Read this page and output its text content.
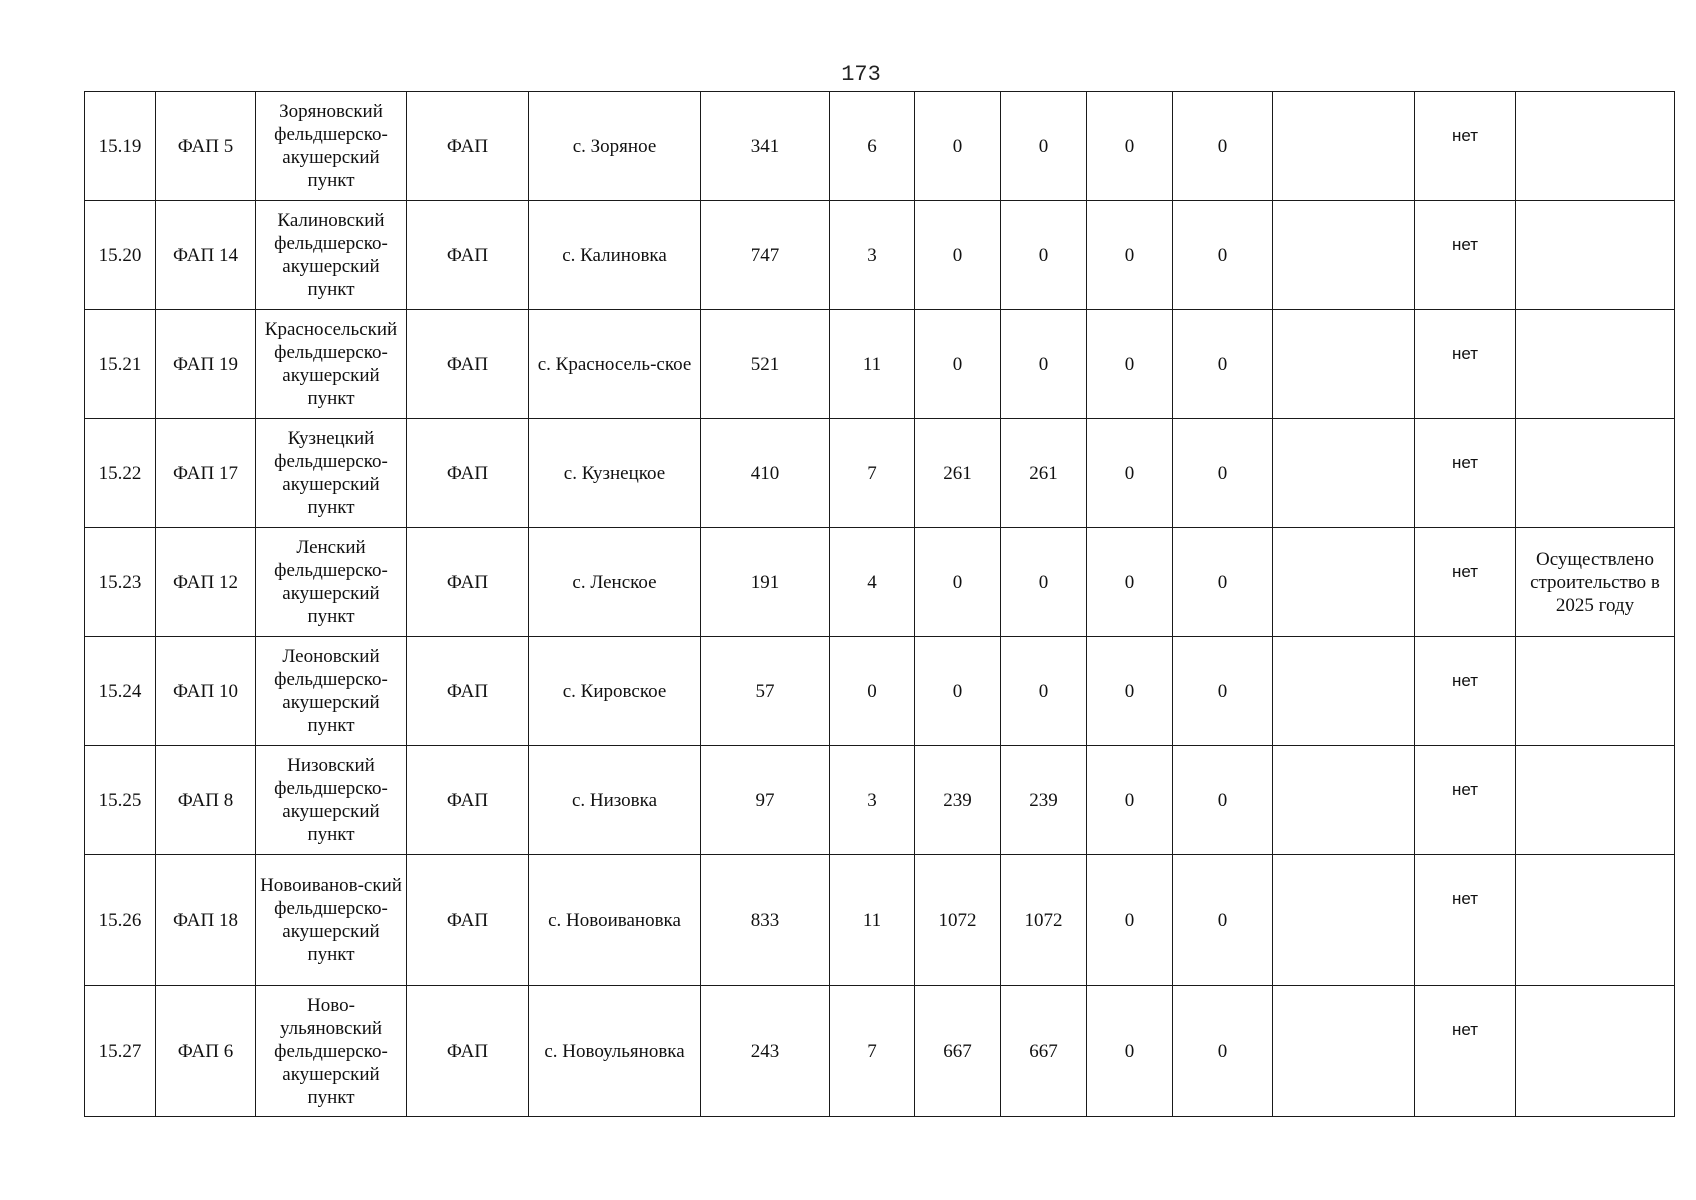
173
15.19	ФАП 5	Зоряновский фельдшерско-акушерский пункт	ФАП	с. Зоряное	341	6	0	0	0	0		нет	
15.20	ФАП 14	Калиновский фельдшерско-акушерский пункт	ФАП	с. Калиновка	747	3	0	0	0	0		нет	
15.21	ФАП 19	Красносельский фельдшерско-акушерский пункт	ФАП	с. Красносель-ское	521	11	0	0	0	0		нет	
15.22	ФАП 17	Кузнецкий фельдшерско-акушерский пункт	ФАП	с. Кузнецкое	410	7	261	261	0	0		нет	
15.23	ФАП 12	Ленский фельдшерско-акушерский пункт	ФАП	с. Ленское	191	4	0	0	0	0		нет	Осуществлено строительство в 2025 году
15.24	ФАП 10	Леоновский фельдшерско-акушерский пункт	ФАП	с. Кировское	57	0	0	0	0	0		нет	
15.25	ФАП 8	Низовский фельдшерско-акушерский пункт	ФАП	с. Низовка	97	3	239	239	0	0		нет	
15.26	ФАП 18	Новоиванов-ский фельдшерско-акушерский пункт	ФАП	с. Новоивановка	833	11	1072	1072	0	0		нет	
15.27	ФАП 6	Ново-ульяновский фельдшерско-акушерский пункт	ФАП	с. Новоульяновка	243	7	667	667	0	0		нет	
